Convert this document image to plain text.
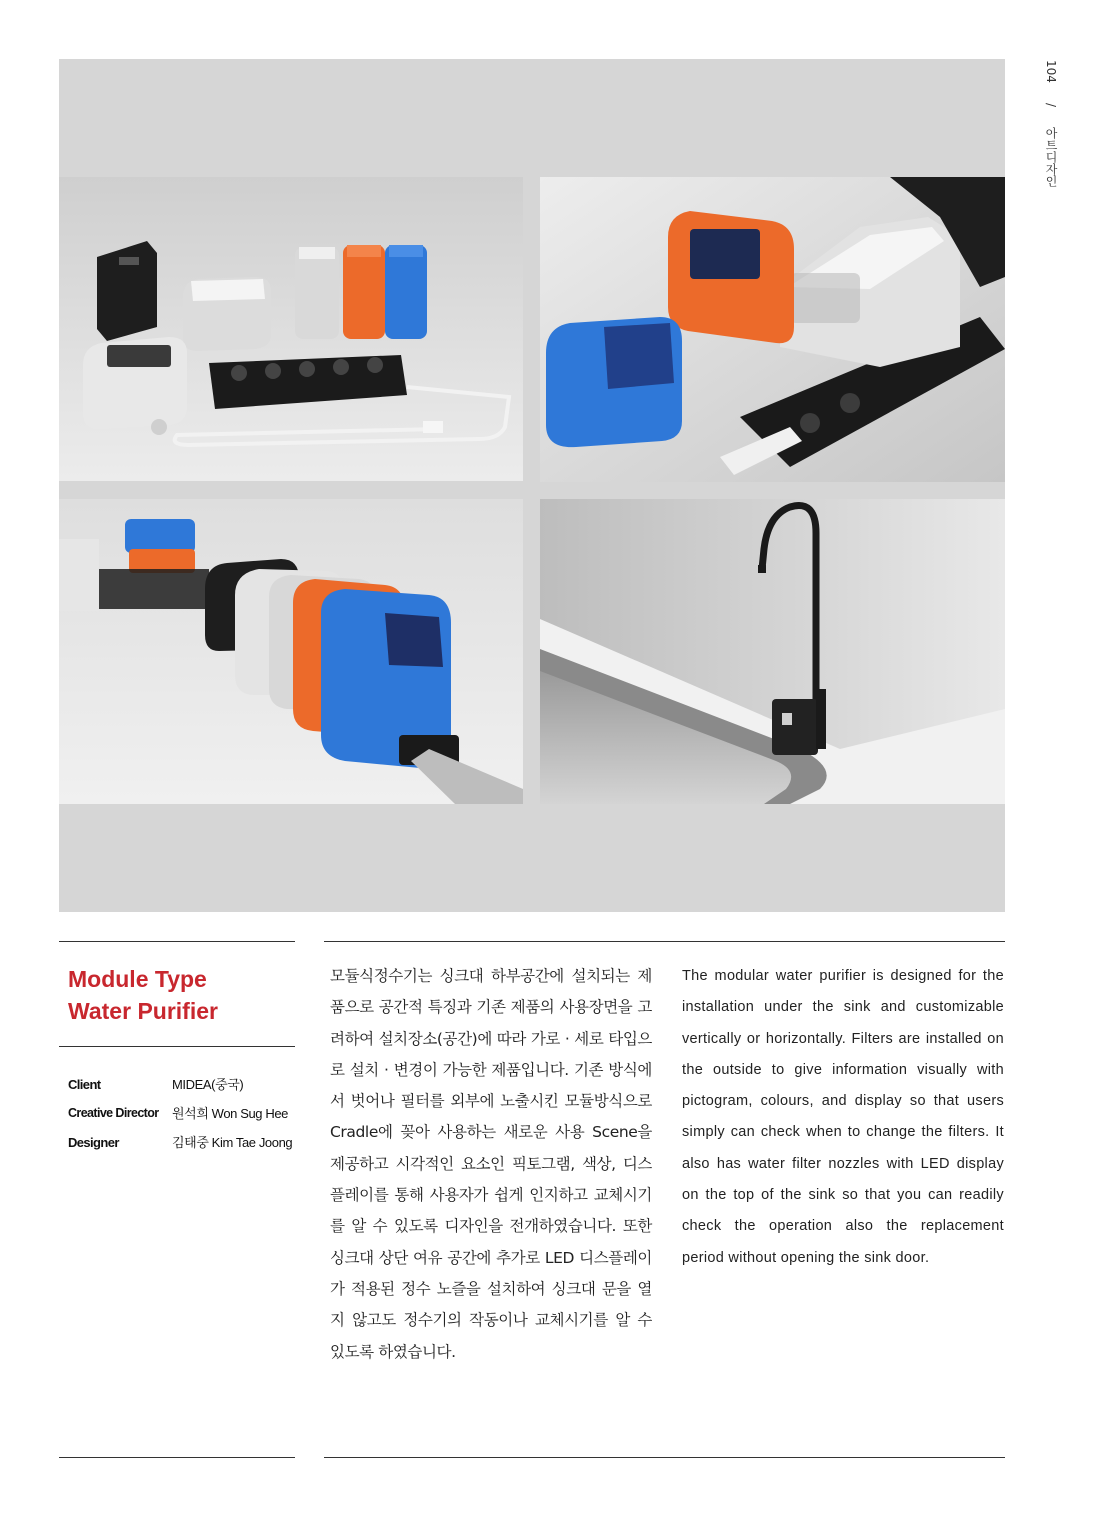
104 / 아트디자인
Module Type
Water Purifier
Client	MIDEA(중국)
Creative Director	원석희 Won Sug Hee
Designer	김태중 Kim Tae Joong
모듈식정수기는 싱크대 하부공간에 설치되는 제품으로 공간적 특징과 기존 제품의 사용장면을 고려하여 설치장소(공간)에 따라 가로 · 세로 타입으로 설치 · 변경이 가능한 제품입니다. 기존 방식에서 벗어나 필터를 외부에 노출시킨 모듈방식으로 Cradle에 꽂아 사용하는 새로운 사용 Scene을 제공하고 시각적인 요소인 픽토그램, 색상, 디스플레이를 통해 사용자가 쉽게 인지하고 교체시기를 알 수 있도록 디자인을 전개하였습니다. 또한 싱크대 상단 여유 공간에 추가로 LED 디스플레이가 적용된 정수 노즐을 설치하여 싱크대 문을 열지 않고도 정수기의 작동이나 교체시기를 알 수 있도록 하였습니다.
The modular water purifier is designed for the installation under the sink and customizable vertically or horizontally. Filters are installed on the outside to give information visually with pictogram, colours, and display so that users simply can check when to change the filters. It also has water filter nozzles with LED display on the top of the sink so that you can readily check the operation also the replacement period without opening the sink door.
